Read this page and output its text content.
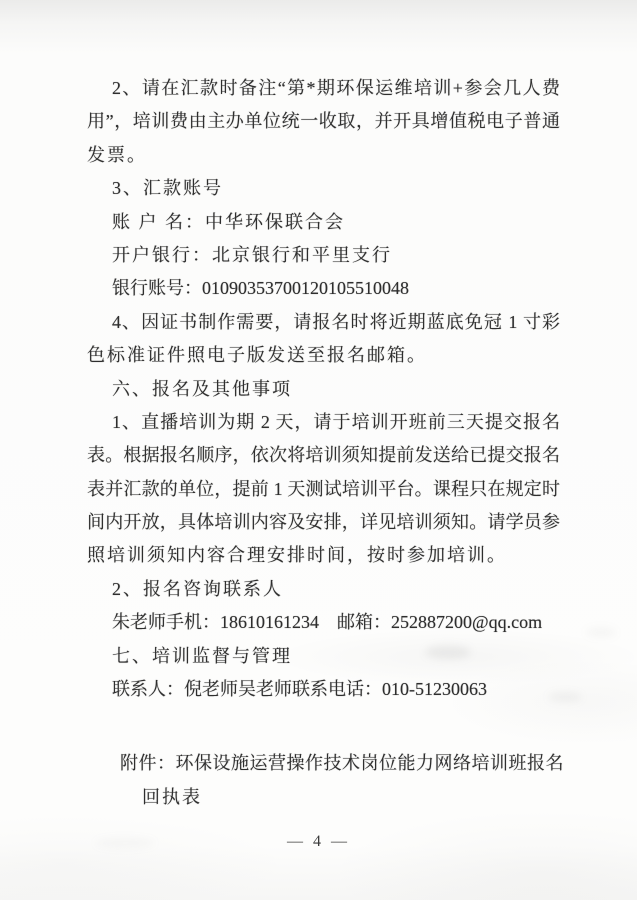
2、请在汇款时备注“第*期环保运维培训+参会几人费

用”，培训费由主办单位统一收取，并开具增值税电子普通

发票。

3、汇款账号

账 户 名：中华环保联合会

开户银行：北京银行和平里支行

银行账号：01090353700120105510048

4、因证书制作需要，请报名时将近期蓝底免冠 1 寸彩

色标准证件照电子版发送至报名邮箱。

六、报名及其他事项

1、直播培训为期 2 天，请于培训开班前三天提交报名

表。根据报名顺序，依次将培训须知提前发送给已提交报名

表并汇款的单位，提前 1 天测试培训平台。课程只在规定时

间内开放，具体培训内容及安排，详见培训须知。请学员参

照培训须知内容合理安排时间，按时参加培训。

2、报名咨询联系人

朱老师手机：18610161234　邮箱：252887200@qq.com

七、培训监督与管理

联系人：倪老师吴老师联系电话：010-51230063

附件：环保设施运营操作技术岗位能力网络培训班报名

回执表

— 4 —
